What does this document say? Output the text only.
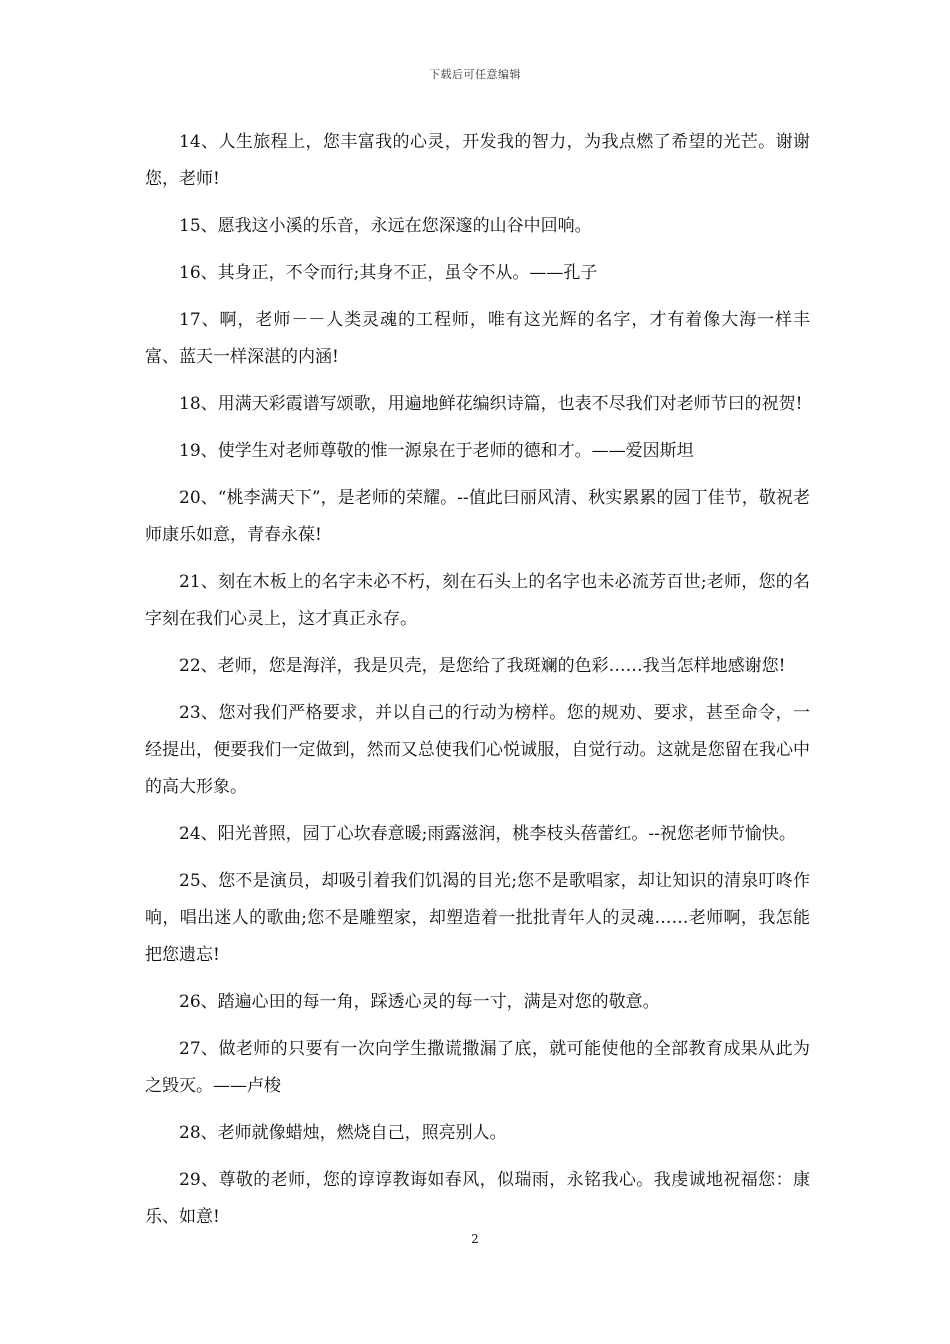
下载后可任意编辑

14、人生旅程上，您丰富我的心灵，开发我的智力，为我点燃了希望的光芒。谢谢您，老师!

15、愿我这小溪的乐音，永远在您深邃的山谷中回响。

16、其身正，不令而行;其身不正，虽令不从。——孔子

17、啊，老师－－人类灵魂的工程师，唯有这光辉的名字，才有着像大海一样丰富、蓝天一样深湛的内涵!

18、用满天彩霞谱写颂歌，用遍地鲜花编织诗篇，也表不尽我们对老师节曰的祝贺!

19、使学生对老师尊敬的惟一源泉在于老师的德和才。——爱因斯坦

20、“桃李满天下”，是老师的荣耀。--值此曰丽风清、秋实累累的园丁佳节，敬祝老师康乐如意，青春永葆!

21、刻在木板上的名字未必不朽，刻在石头上的名字也未必流芳百世;老师，您的名字刻在我们心灵上，这才真正永存。

22、老师，您是海洋，我是贝壳，是您给了我斑斓的色彩……我当怎样地感谢您!

23、您对我们严格要求，并以自己的行动为榜样。您的规劝、要求，甚至命令，一经提出，便要我们一定做到，然而又总使我们心悦诚服，自觉行动。这就是您留在我心中的高大形象。

24、阳光普照，园丁心坎春意暖;雨露滋润，桃李枝头蓓蕾红。--祝您老师节愉快。

25、您不是演员，却吸引着我们饥渴的目光;您不是歌唱家，却让知识的清泉叮咚作响，唱出迷人的歌曲;您不是雕塑家，却塑造着一批批青年人的灵魂……老师啊，我怎能把您遗忘!

26、踏遍心田的每一角，踩透心灵的每一寸，满是对您的敬意。

27、做老师的只要有一次向学生撒谎撒漏了底，就可能使他的全部教育成果从此为之毁灭。——卢梭

28、老师就像蜡烛，燃烧自己，照亮别人。

29、尊敬的老师，您的谆谆教诲如春风，似瑞雨，永铭我心。我虔诚地祝福您：康乐、如意!

2
